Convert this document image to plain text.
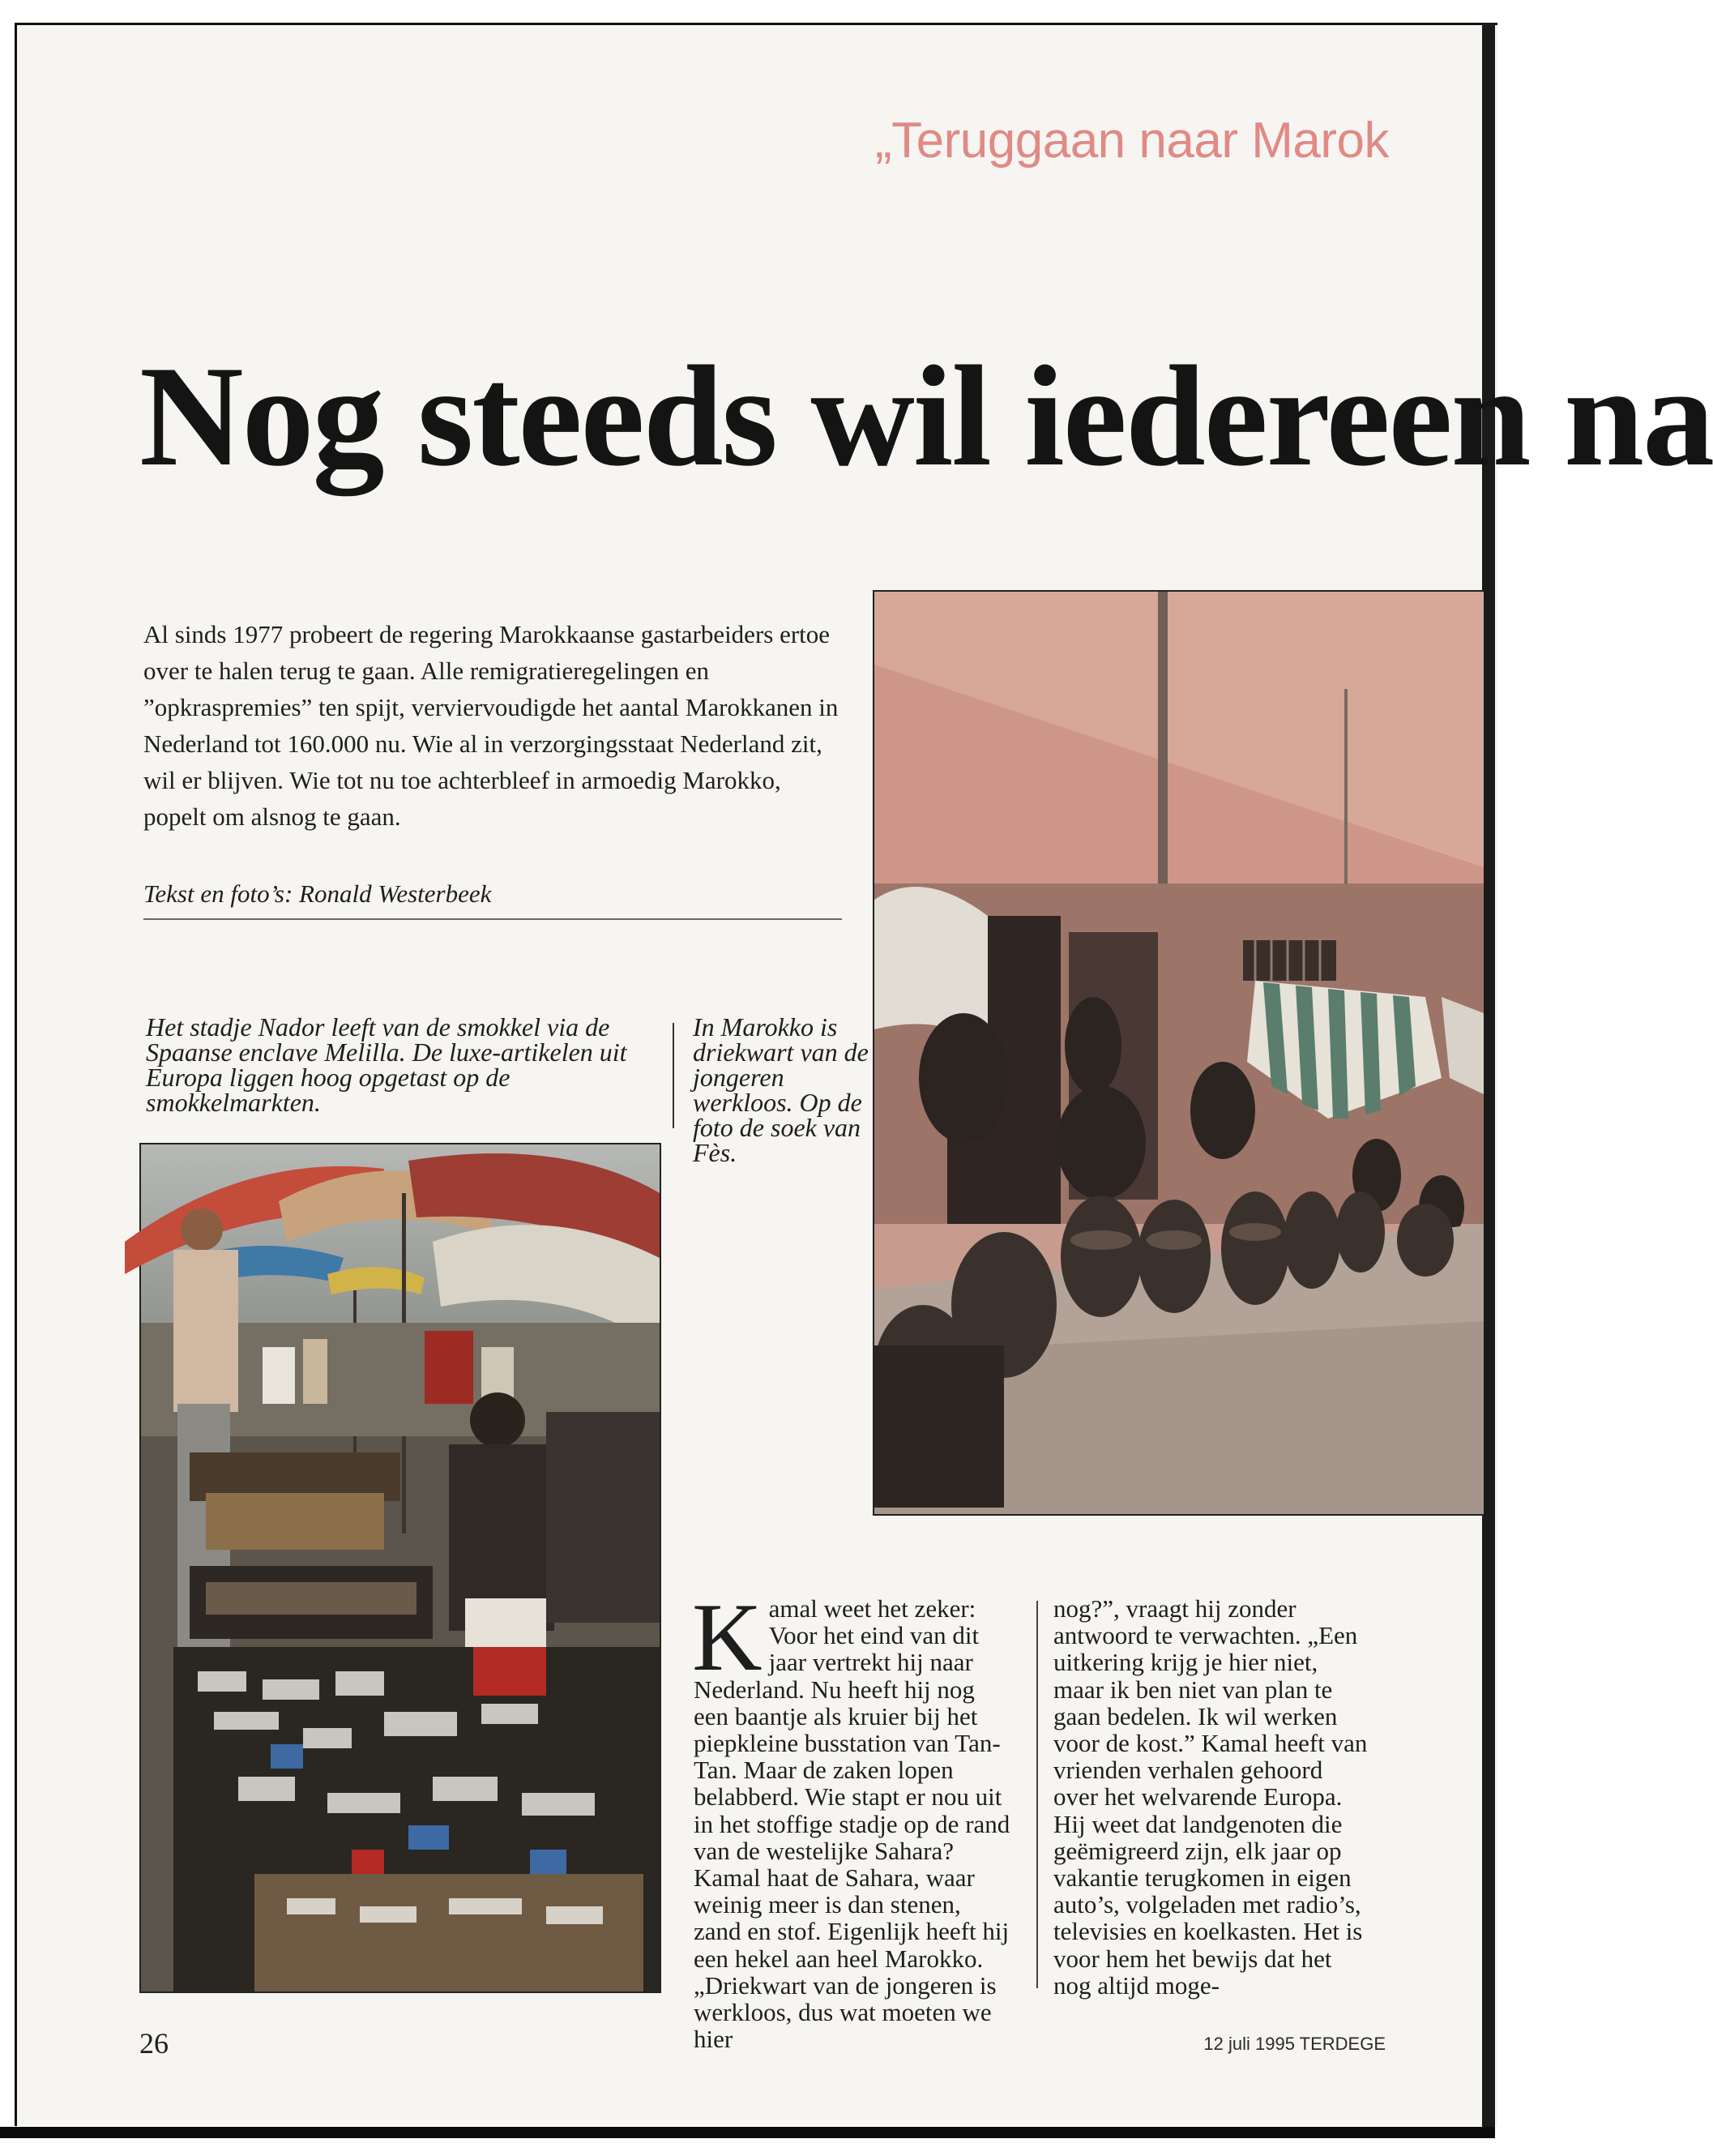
„Teruggaan naar Marok
Nog steeds wil iedereen na

Al sinds 1977 probeert de regering Marokkaanse gastarbeiders ertoe over te halen terug te gaan. Alle remigratieregelingen en ”opkraspremies” ten spijt, verviervoudigde het aantal Marokkanen in Nederland tot 160.000 nu. Wie al in verzorgingsstaat Nederland zit, wil er blijven. Wie tot nu toe achterbleef in armoedig Marokko, popelt om alsnog te gaan.

Tekst en foto’s: Ronald Westerbeek

Het stadje Nador leeft van de smokkel via de Spaanse enclave Melilla. De luxe-artikelen uit Europa liggen hoog opgetast op de smokkelmarkten.

In Marokko is driekwart van de jongeren werkloos. Op de foto de soek van Fès.

Kamal weet het zeker: Voor het eind van dit jaar vertrekt hij naar Nederland. Nu heeft hij nog een baantje als kruier bij het piepkleine busstation van Tan-Tan. Maar de zaken lopen belabberd. Wie stapt er nou uit in het stoffige stadje op de rand van de westelijke Sahara? Kamal haat de Sahara, waar weinig meer is dan stenen, zand en stof. Eigenlijk heeft hij een hekel aan heel Marokko. „Driekwart van de jongeren is werkloos, dus wat moeten we hier

nog?”, vraagt hij zonder antwoord te verwachten. „Een uitkering krijg je hier niet, maar ik ben niet van plan te gaan bedelen. Ik wil werken voor de kost.” Kamal heeft van vrienden verhalen gehoord over het welvarende Europa. Hij weet dat landgenoten die geëmigreerd zijn, elk jaar op vakantie terugkomen in eigen auto’s, volgeladen met radio’s, televisies en koelkasten. Het is voor hem het bewijs dat het nog altijd moge-

26	12 juli 1995 TERDEGE
